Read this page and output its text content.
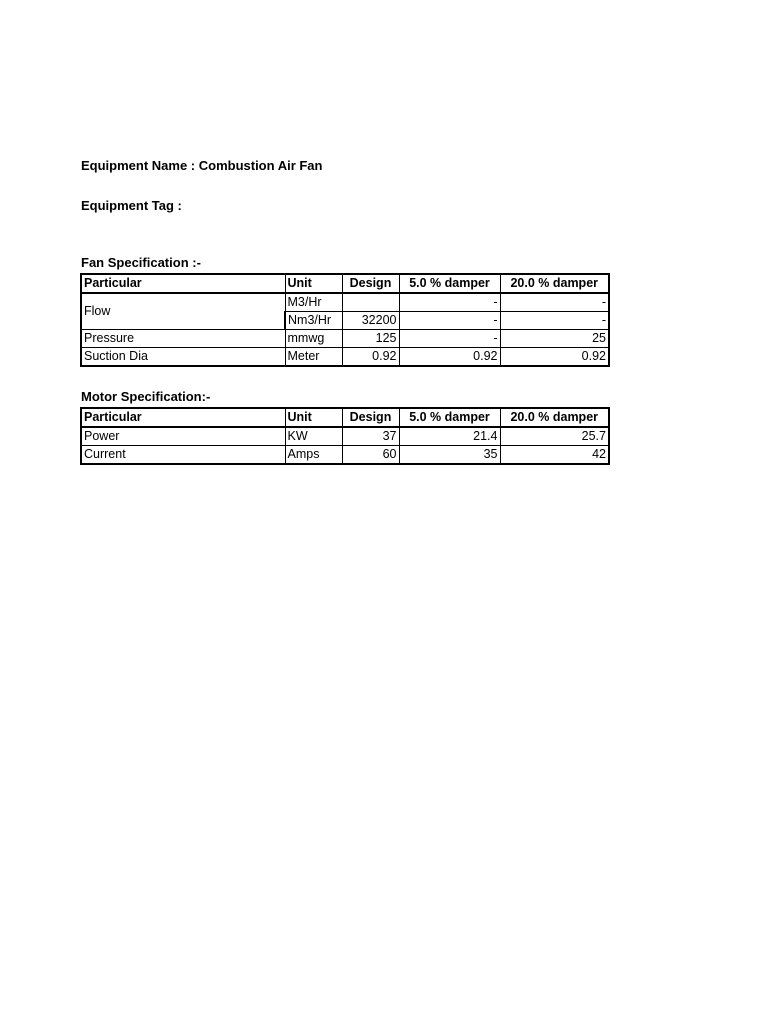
Equipment Name : Combustion Air Fan
Equipment Tag :
Fan Specification :-
Particular	Unit	Design	5.0 % damper	20.0 % damper
Flow	M3/Hr		-	-
	Nm3/Hr	32200	-	-
Pressure	mmwg	125	-	25
Suction Dia	Meter	0.92	0.92	0.92
Motor Specification:-
Particular	Unit	Design	5.0 % damper	20.0 % damper
Power	KW	37	21.4	25.7
Current	Amps	60	35	42
